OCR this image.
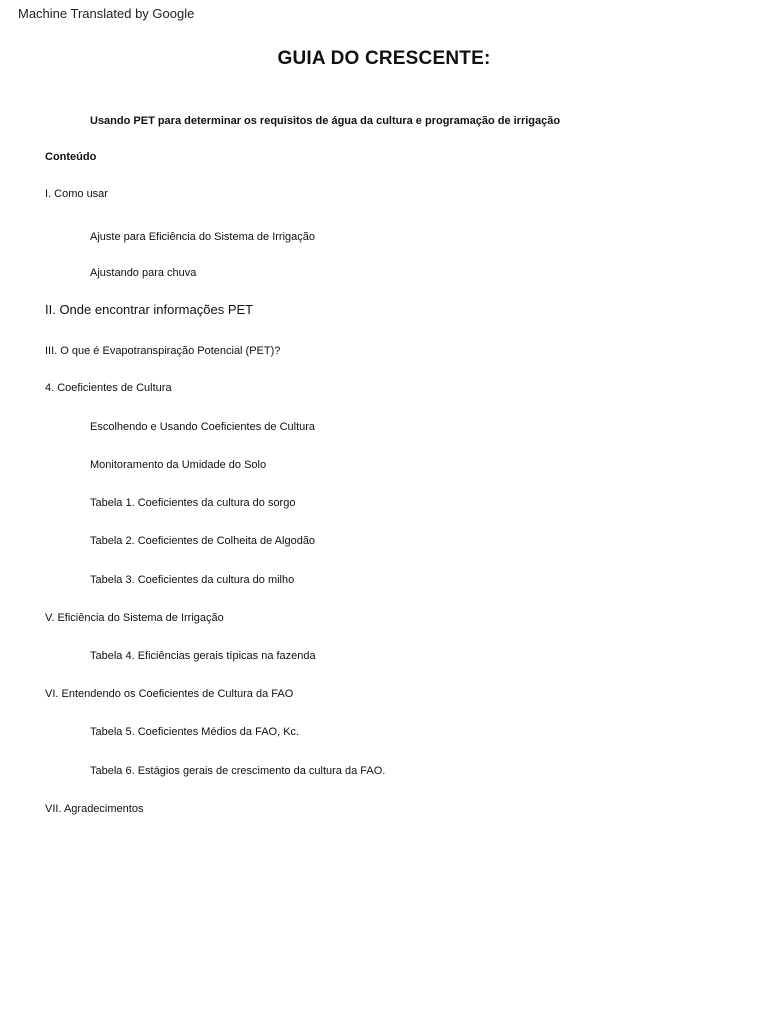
Machine Translated by Google
GUIA DO CRESCENTE:
Usando PET para determinar os requisitos de água da cultura e programação de irrigação
Conteúdo
I. Como usar
Ajuste para Eficiência do Sistema de Irrigação
Ajustando para chuva
II. Onde encontrar informações PET
III. O que é Evapotranspiração Potencial (PET)?
4. Coeficientes de Cultura
Escolhendo e Usando Coeficientes de Cultura
Monitoramento da Umidade do Solo
Tabela 1. Coeficientes da cultura do sorgo
Tabela 2. Coeficientes de Colheita de Algodão
Tabela 3. Coeficientes da cultura do milho
V. Eficiência do Sistema de Irrigação
Tabela 4. Eficiências gerais típicas na fazenda
VI. Entendendo os Coeficientes de Cultura da FAO
Tabela 5. Coeficientes Médios da FAO, Kc.
Tabela 6. Estágios gerais de crescimento da cultura da FAO.
VII. Agradecimentos
